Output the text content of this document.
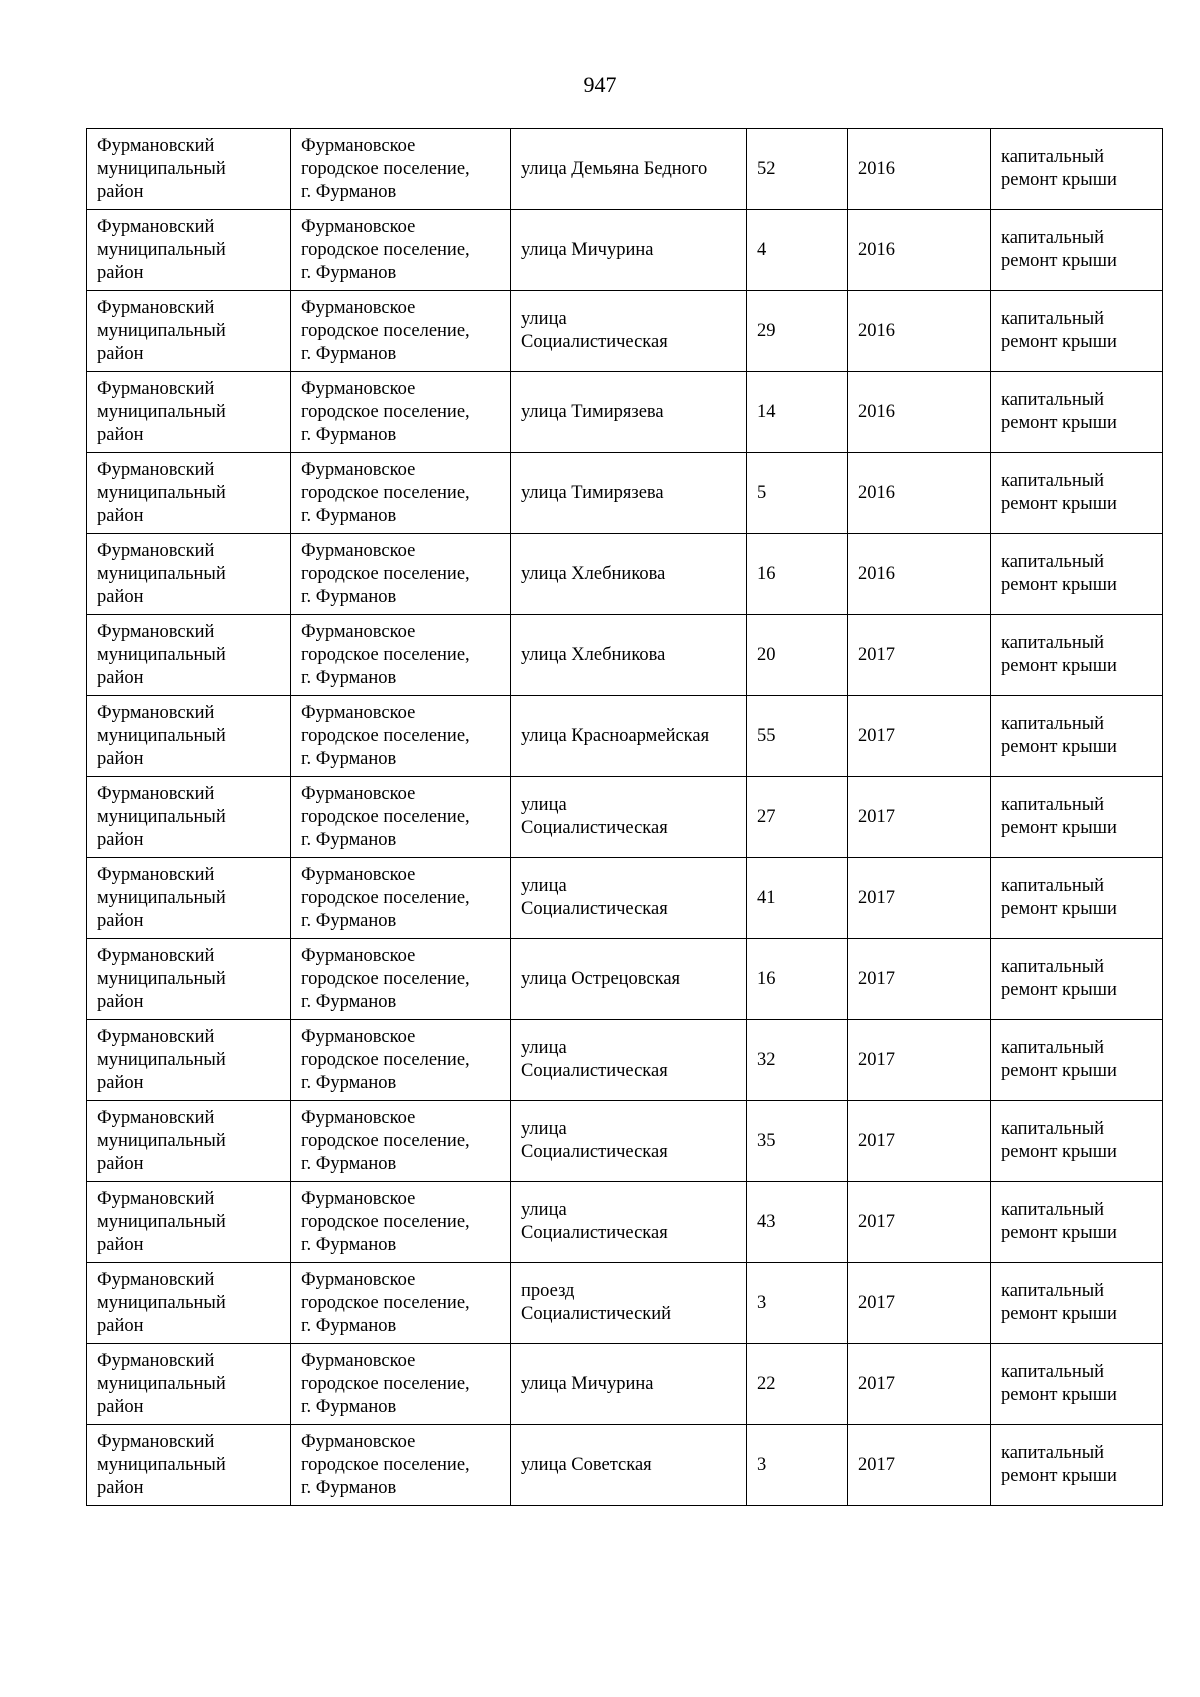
947
Фурмановский
муниципальный
район	Фурмановское
городское поселение,
г. Фурманов	улица Демьяна Бедного	52	2016	капитальный
ремонт крыши

Фурмановский
муниципальный
район	Фурмановское
городское поселение,
г. Фурманов	улица Мичурина	4	2016	капитальный
ремонт крыши

Фурмановский
муниципальный
район	Фурмановское
городское поселение,
г. Фурманов	улица
Социалистическая	29	2016	капитальный
ремонт крыши

Фурмановский
муниципальный
район	Фурмановское
городское поселение,
г. Фурманов	улица Тимирязева	14	2016	капитальный
ремонт крыши

Фурмановский
муниципальный
район	Фурмановское
городское поселение,
г. Фурманов	улица Тимирязева	5	2016	капитальный
ремонт крыши

Фурмановский
муниципальный
район	Фурмановское
городское поселение,
г. Фурманов	улица Хлебникова	16	2016	капитальный
ремонт крыши

Фурмановский
муниципальный
район	Фурмановское
городское поселение,
г. Фурманов	улица Хлебникова	20	2017	капитальный
ремонт крыши

Фурмановский
муниципальный
район	Фурмановское
городское поселение,
г. Фурманов	улица Красноармейская	55	2017	капитальный
ремонт крыши

Фурмановский
муниципальный
район	Фурмановское
городское поселение,
г. Фурманов	улица
Социалистическая	27	2017	капитальный
ремонт крыши

Фурмановский
муниципальный
район	Фурмановское
городское поселение,
г. Фурманов	улица
Социалистическая	41	2017	капитальный
ремонт крыши

Фурмановский
муниципальный
район	Фурмановское
городское поселение,
г. Фурманов	улица Острецовская	16	2017	капитальный
ремонт крыши

Фурмановский
муниципальный
район	Фурмановское
городское поселение,
г. Фурманов	улица
Социалистическая	32	2017	капитальный
ремонт крыши

Фурмановский
муниципальный
район	Фурмановское
городское поселение,
г. Фурманов	улица
Социалистическая	35	2017	капитальный
ремонт крыши

Фурмановский
муниципальный
район	Фурмановское
городское поселение,
г. Фурманов	улица
Социалистическая	43	2017	капитальный
ремонт крыши

Фурмановский
муниципальный
район	Фурмановское
городское поселение,
г. Фурманов	проезд
Социалистический	3	2017	капитальный
ремонт крыши

Фурмановский
муниципальный
район	Фурмановское
городское поселение,
г. Фурманов	улица Мичурина	22	2017	капитальный
ремонт крыши

Фурмановский
муниципальный
район	Фурмановское
городское поселение,
г. Фурманов	улица Советская	3	2017	капитальный
ремонт крыши
